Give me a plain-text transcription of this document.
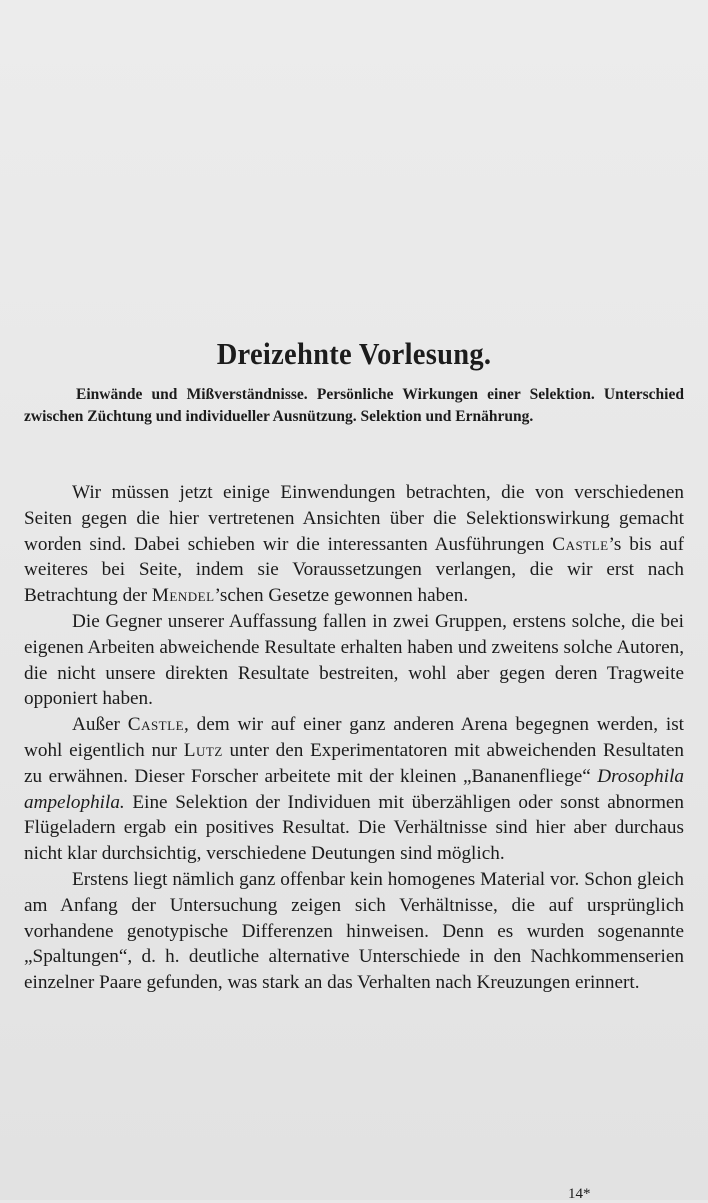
Dreizehnte Vorlesung.
Einwände und Mißverständnisse. Persönliche Wirkungen einer Selektion. Unterschied zwischen Züchtung und individueller Ausnützung. Selektion und Ernährung.

Wir müssen jetzt einige Einwendungen betrachten, die von verschiedenen Seiten gegen die hier vertretenen Ansichten über die Selektionswirkung gemacht worden sind. Dabei schieben wir die interessanten Ausführungen Castle’s bis auf weiteres bei Seite, indem sie Voraussetzungen verlangen, die wir erst nach Betrachtung der Mendel’schen Gesetze gewonnen haben.

Die Gegner unserer Auffassung fallen in zwei Gruppen, erstens solche, die bei eigenen Arbeiten abweichende Resultate erhalten haben und zweitens solche Autoren, die nicht unsere direkten Resultate bestreiten, wohl aber gegen deren Tragweite opponiert haben.

Außer Castle, dem wir auf einer ganz anderen Arena begegnen werden, ist wohl eigentlich nur Lutz unter den Experimentatoren mit abweichenden Resultaten zu erwähnen. Dieser Forscher arbeitete mit der kleinen „Bananenfliege“ Drosophila ampelophila. Eine Selektion der Individuen mit überzähligen oder sonst abnormen Flügeladern ergab ein positives Resultat. Die Verhältnisse sind hier aber durchaus nicht klar durchsichtig, verschiedene Deutungen sind möglich.

Erstens liegt nämlich ganz offenbar kein homogenes Material vor. Schon gleich am Anfang der Untersuchung zeigen sich Verhältnisse, die auf ursprünglich vorhandene genotypische Differenzen hinweisen. Denn es wurden sogenannte „Spaltungen“, d. h. deutliche alternative Unterschiede in den Nachkommenserien einzelner Paare gefunden, was stark an das Verhalten nach Kreuzungen erinnert.

14*
